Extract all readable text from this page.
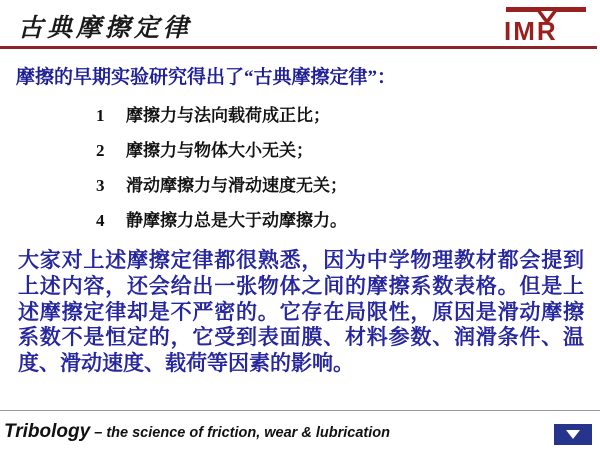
古典摩擦定律	IMR
摩擦的早期实验研究得出了“古典摩擦定律”：
1 摩擦力与法向载荷成正比；
2 摩擦力与物体大小无关；
3 滑动摩擦力与滑动速度无关；
4 静摩擦力总是大于动摩擦力。
大家对上述摩擦定律都很熟悉，因为中学物理教材都会提到上述内容，还会给出一张物体之间的摩擦系数表格。但是上述摩擦定律却是不严密的。它存在局限性，原因是滑动摩擦系数不是恒定的，它受到表面膜、材料参数、润滑条件、温度、滑动速度、载荷等因素的影响。
Tribology – the science of friction, wear & lubrication
